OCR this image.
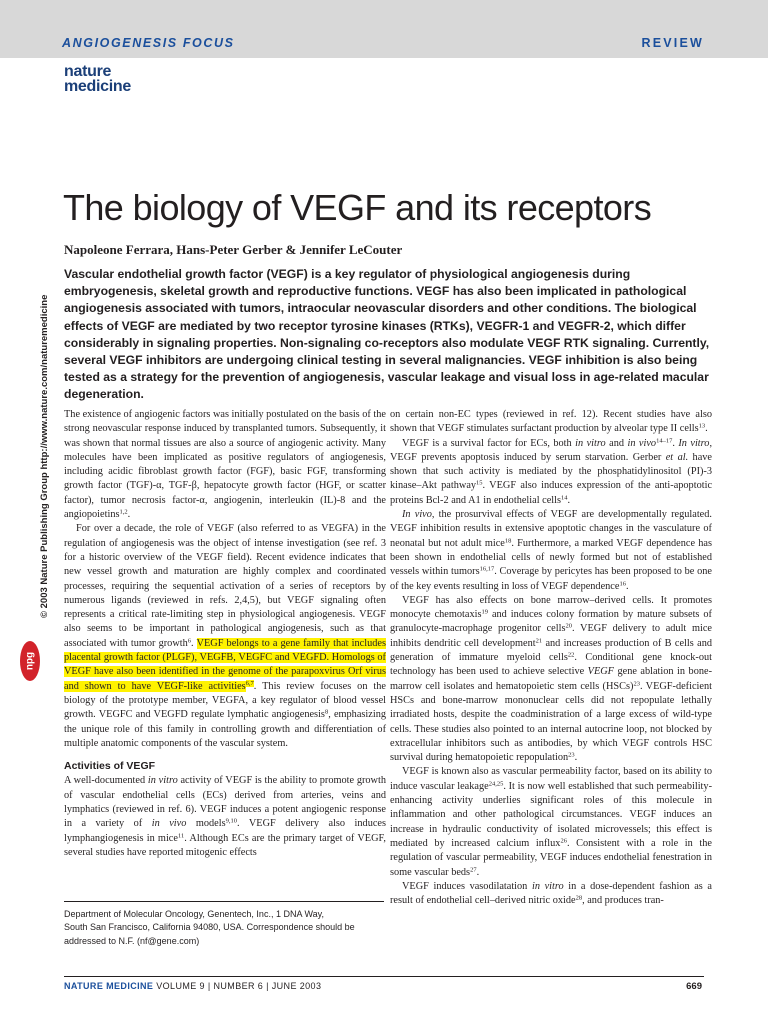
ANGIOGENESIS FOCUS	REVIEW
nature
medicine
© 2003 Nature Publishing Group http://www.nature.com/naturemedicine
npg
The biology of VEGF and its receptors
Napoleone Ferrara, Hans-Peter Gerber & Jennifer LeCouter

Vascular endothelial growth factor (VEGF) is a key regulator of physiological angiogenesis during embryogenesis, skeletal growth and reproductive functions. VEGF has also been implicated in pathological angiogenesis associated with tumors, intraocular neovascular disorders and other conditions. The biological effects of VEGF are mediated by two receptor tyrosine kinases (RTKs), VEGFR-1 and VEGFR-2, which differ considerably in signaling properties. Non-signaling co-receptors also modulate VEGF RTK signaling. Currently, several VEGF inhibitors are undergoing clinical testing in several malignancies. VEGF inhibition is also being tested as a strategy for the prevention of angiogenesis, vascular leakage and visual loss in age-related macular degeneration.

The existence of angiogenic factors was initially postulated on the basis of the strong neovascular response induced by transplanted tumors. Subsequently, it was shown that normal tissues are also a source of angiogenic activity. Many molecules have been implicated as positive regulators of angiogenesis, including acidic fibroblast growth factor (FGF), basic FGF, transforming growth factor (TGF)-α, TGF-β, hepatocyte growth factor (HGF, or scatter factor), tumor necrosis factor-α, angiogenin, interleukin (IL)-8 and the angiopoietins$^{1,2}$.

For over a decade, the role of VEGF (also referred to as VEGFA) in the regulation of angiogenesis was the object of intense investigation (see ref. 3 for a historic overview of the VEGF field). Recent evidence indicates that new vessel growth and maturation are highly complex and coordinated processes, requiring the sequential activation of a series of receptors by numerous ligands (reviewed in refs. 2,4,5), but VEGF signaling often represents a critical rate-limiting step in physiological angiogenesis. VEGF also seems to be important in pathological angiogenesis, such as that associated with tumor growth$^6$. VEGF belongs to a gene family that includes placental growth factor (PLGF), VEGFB, VEGFC and VEGFD. Homologs of VEGF have also been identified in the genome of the parapoxvirus Orf virus and shown to have VEGF-like activities$^{6,7}$. This review focuses on the biology of the prototype member, VEGFA, a key regulator of blood vessel growth. VEGFC and VEGFD regulate lymphatic angiogenesis$^8$, emphasizing the unique role of this family in controlling growth and differentiation of multiple anatomic components of the vascular system.

Activities of VEGF

A well-documented in vitro activity of VEGF is the ability to promote growth of vascular endothelial cells (ECs) derived from arteries, veins and lymphatics (reviewed in ref. 6). VEGF induces a potent angiogenic response in a variety of in vivo models$^{9,10}$. VEGF delivery also induces lymphangiogenesis in mice$^{11}$. Although ECs are the primary target of VEGF, several studies have reported mitogenic effects

on certain non-EC types (reviewed in ref. 12). Recent studies have also shown that VEGF stimulates surfactant production by alveolar type II cells$^{13}$.

VEGF is a survival factor for ECs, both in vitro and in vivo$^{14-17}$. In vitro, VEGF prevents apoptosis induced by serum starvation. Gerber et al. have shown that such activity is mediated by the phosphatidylinositol (PI)-3 kinase–Akt pathway$^{15}$. VEGF also induces expression of the anti-apoptotic proteins Bcl-2 and A1 in endothelial cells$^{14}$.

In vivo, the prosurvival effects of VEGF are developmentally regulated. VEGF inhibition results in extensive apoptotic changes in the vasculature of neonatal but not adult mice$^{18}$. Furthermore, a marked VEGF dependence has been shown in endothelial cells of newly formed but not of established vessels within tumors$^{16,17}$. Coverage by pericytes has been proposed to be one of the key events resulting in loss of VEGF dependence$^{16}$.

VEGF has also effects on bone marrow–derived cells. It promotes monocyte chemotaxis$^{19}$ and induces colony formation by mature subsets of granulocyte-macrophage progenitor cells$^{20}$. VEGF delivery to adult mice inhibits dendritic cell development$^{21}$ and increases production of B cells and generation of immature myeloid cells$^{22}$. Conditional gene knock-out technology has been used to achieve selective VEGF gene ablation in bone-marrow cell isolates and hematopoietic stem cells (HSCs)$^{23}$. VEGF-deficient HSCs and bone-marrow mononuclear cells did not repopulate lethally irradiated hosts, despite the coadministration of a large excess of wild-type cells. These studies also pointed to an internal autocrine loop, not blocked by extracellular inhibitors such as antibodies, by which VEGF controls HSC survival during hematopoietic repopulation$^{23}$.

VEGF is known also as vascular permeability factor, based on its ability to induce vascular leakage$^{24,25}$. It is now well established that such permeability-enhancing activity underlies significant roles of this molecule in inflammation and other pathological circumstances. VEGF induces an increase in hydraulic conductivity of isolated microvessels; this effect is mediated by increased calcium influx$^{26}$. Consistent with a role in the regulation of vascular permeability, VEGF induces endothelial fenestration in some vascular beds$^{27}$.

VEGF induces vasodilatation in vitro in a dose-dependent fashion as a result of endothelial cell–derived nitric oxide$^{28}$, and produces tran-

Department of Molecular Oncology, Genentech, Inc., 1 DNA Way,
South San Francisco, California 94080, USA. Correspondence should be
addressed to N.F. (nf@gene.com)
NATURE MEDICINE VOLUME 9 | NUMBER 6 | JUNE 2003	669
